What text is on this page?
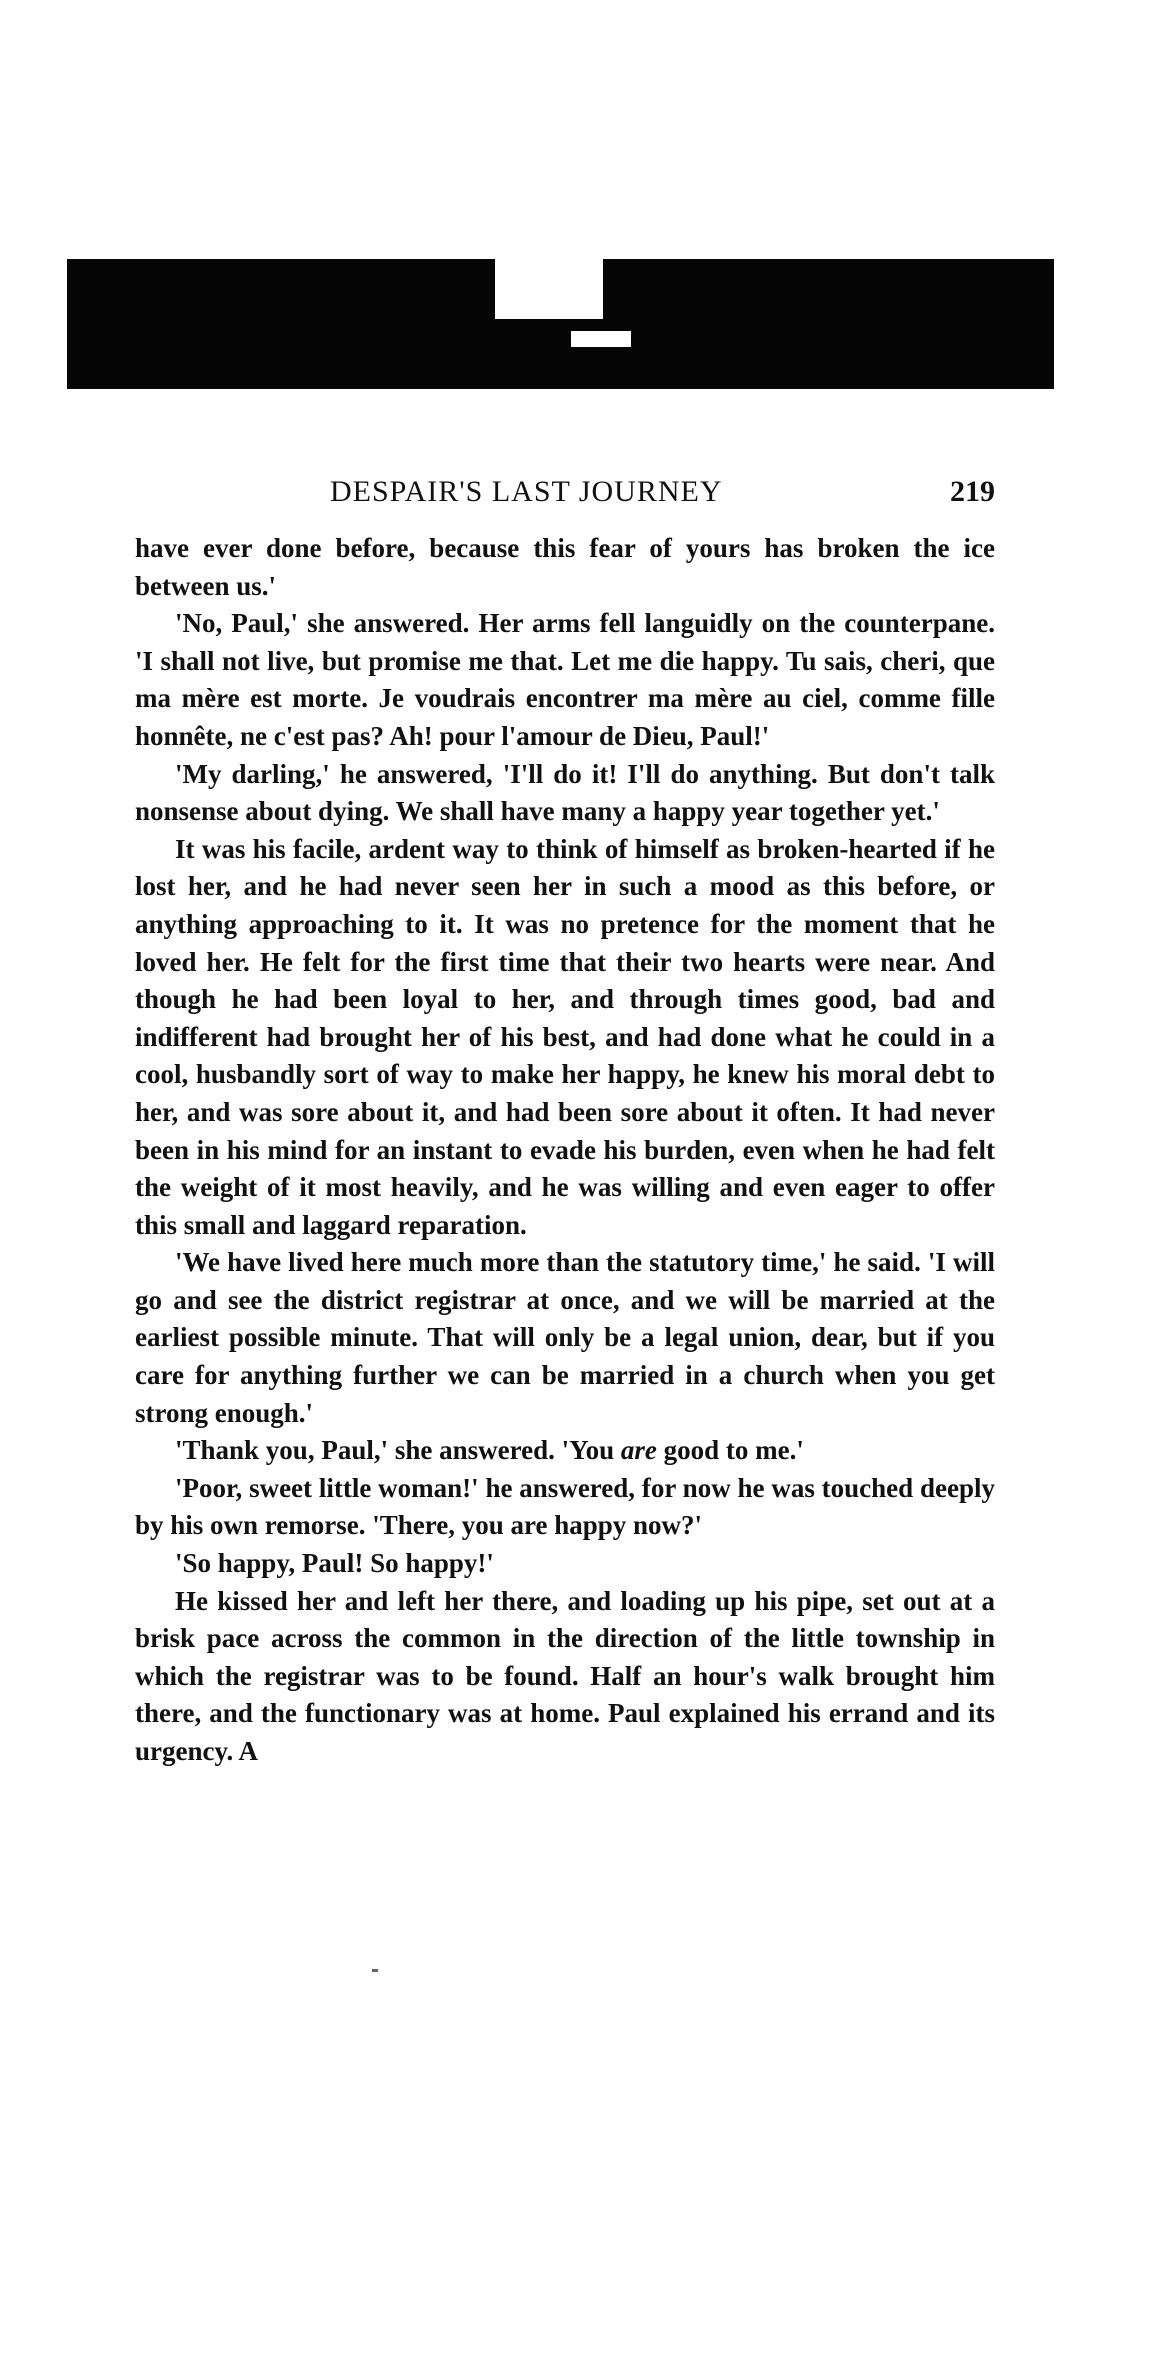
DESPAIR'S LAST JOURNEY	219

have ever done before, because this fear of yours has broken the ice between us.'

'No, Paul,' she answered. Her arms fell languidly on the counterpane. 'I shall not live, but promise me that. Let me die happy. Tu sais, cheri, que ma mère est morte. Je voudrais encontrer ma mère au ciel, comme fille honnête, ne c'est pas? Ah! pour l'amour de Dieu, Paul!'

'My darling,' he answered, 'I'll do it! I'll do anything. But don't talk nonsense about dying. We shall have many a happy year together yet.'

It was his facile, ardent way to think of himself as broken-hearted if he lost her, and he had never seen her in such a mood as this before, or anything approaching to it. It was no pretence for the moment that he loved her. He felt for the first time that their two hearts were near. And though he had been loyal to her, and through times good, bad and indifferent had brought her of his best, and had done what he could in a cool, husbandly sort of way to make her happy, he knew his moral debt to her, and was sore about it, and had been sore about it often. It had never been in his mind for an instant to evade his burden, even when he had felt the weight of it most heavily, and he was willing and even eager to offer this small and laggard reparation.

'We have lived here much more than the statutory time,' he said. 'I will go and see the district registrar at once, and we will be married at the earliest possible minute. That will only be a legal union, dear, but if you care for anything further we can be married in a church when you get strong enough.'

'Thank you, Paul,' she answered. 'You are good to me.'

'Poor, sweet little woman!' he answered, for now he was touched deeply by his own remorse. 'There, you are happy now?'

'So happy, Paul! So happy!'

He kissed her and left her there, and loading up his pipe, set out at a brisk pace across the common in the direction of the little township in which the registrar was to be found. Half an hour's walk brought him there, and the functionary was at home. Paul explained his errand and its urgency. A
